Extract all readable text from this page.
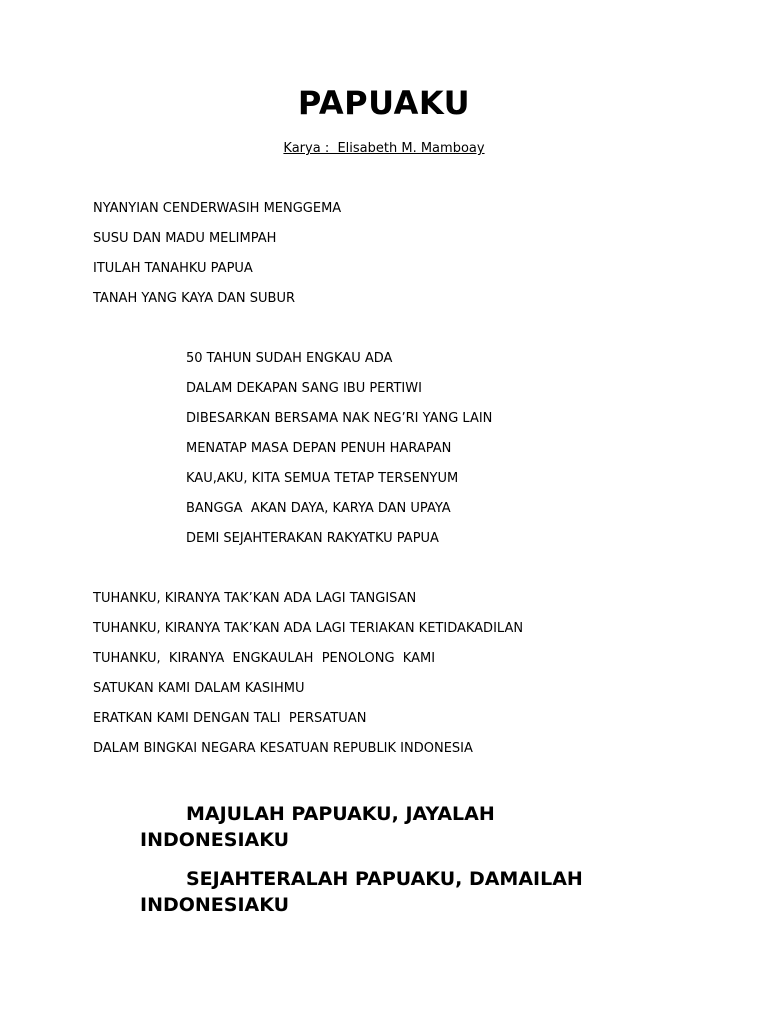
PAPUAKU

Karya :  Elisabeth M. Mamboay

NYANYIAN CENDERWASIH MENGGEMA
SUSU DAN MADU MELIMPAH
ITULAH TANAHKU PAPUA
TANAH YANG KAYA DAN SUBUR
50 TAHUN SUDAH ENGKAU ADA
DALAM DEKAPAN SANG IBU PERTIWI
DIBESARKAN BERSAMA NAK NEG’RI YANG LAIN
MENATAP MASA DEPAN PENUH HARAPAN
KAU,AKU, KITA SEMUA TETAP TERSENYUM
BANGGA  AKAN DAYA, KARYA DAN UPAYA
DEMI SEJAHTERAKAN RAKYATKU PAPUA
TUHANKU, KIRANYA TAK’KAN ADA LAGI TANGISAN
TUHANKU, KIRANYA TAK’KAN ADA LAGI TERIAKAN KETIDAKADILAN
TUHANKU,  KIRANYA  ENGKAULAH  PENOLONG  KAMI
SATUKAN KAMI DALAM KASIHMU
ERATKAN KAMI DENGAN TALI  PERSATUAN
DALAM BINGKAI NEGARA KESATUAN REPUBLIK INDONESIA
MAJULAH PAPUAKU, JAYALAH INDONESIAKU
SEJAHTERALAH PAPUAKU, DAMAILAH INDONESIAKU
